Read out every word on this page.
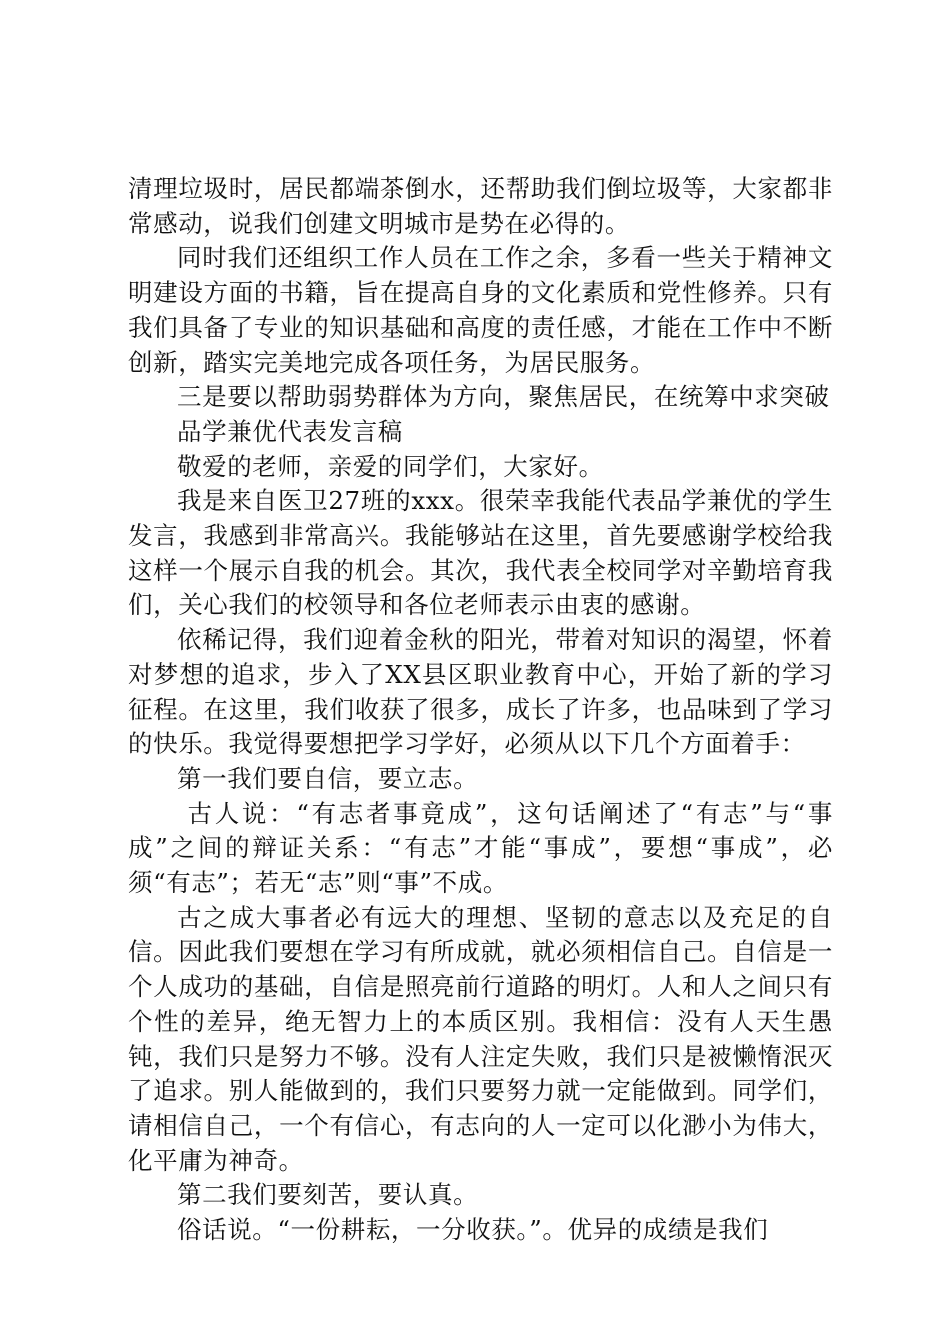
清理垃圾时，居民都端茶倒水，还帮助我们倒垃圾等，大家都非常感动，说我们创建文明城市是势在必得的。

同时我们还组织工作人员在工作之余，多看一些关于精神文明建设方面的书籍，旨在提高自身的文化素质和党性修养。只有我们具备了专业的知识基础和高度的责任感，才能在工作中不断创新，踏实完美地完成各项任务，为居民服务。

三是要以帮助弱势群体为方向，聚焦居民，在统筹中求突破

品学兼优代表发言稿

敬爱的老师，亲爱的同学们，大家好。

我是来自医卫27班的xxx。很荣幸我能代表品学兼优的学生发言，我感到非常高兴。我能够站在这里，首先要感谢学校给我这样一个展示自我的机会。其次，我代表全校同学对辛勤培育我们，关心我们的校领导和各位老师表示由衷的感谢。

依稀记得，我们迎着金秋的阳光，带着对知识的渴望，怀着对梦想的追求，步入了XX县区职业教育中心，开始了新的学习征程。在这里，我们收获了很多，成长了许多，也品味到了学习的快乐。我觉得要想把学习学好，必须从以下几个方面着手：

第一我们要自信，要立志。

古人说：“有志者事竟成”，这句话阐述了“有志”与“事成”之间的辩证关系：“有志”才能“事成”，要想“事成”，必须“有志”；若无“志”则“事”不成。

古之成大事者必有远大的理想、坚韧的意志以及充足的自信。因此我们要想在学习有所成就，就必须相信自己。自信是一个人成功的基础，自信是照亮前行道路的明灯。人和人之间只有个性的差异，绝无智力上的本质区别。我相信：没有人天生愚钝，我们只是努力不够。没有人注定失败，我们只是被懒惰泯灭了追求。别人能做到的，我们只要努力就一定能做到。同学们，请相信自己，一个有信心，有志向的人一定可以化渺小为伟大，化平庸为神奇。

第二我们要刻苦，要认真。

俗话说。“一份耕耘，一分收获。”。优异的成绩是我们
